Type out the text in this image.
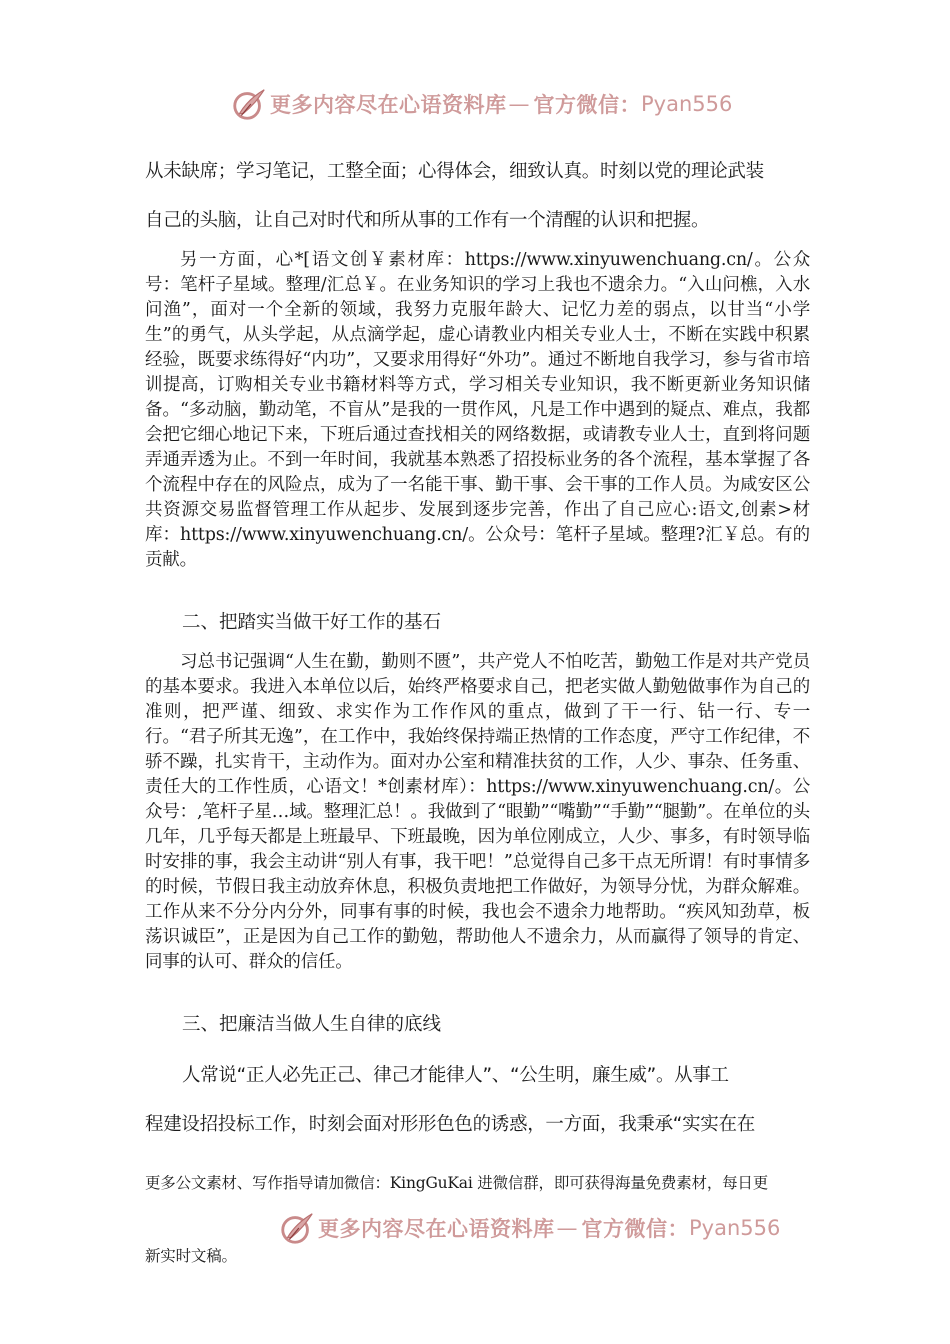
更多内容尽在心语资料库 — 官方微信： Pyan556
从未缺席；学习笔记，工整全面；心得体会，细致认真。时刻以党的理论武装
自己的头脑，让自己对时代和所从事的工作有一个清醒的认识和把握。
另一方面，心*[语文创￥素材库：https://www.xinyuwenchuang.cn/。公众号：笔杆子星域。整理/汇总￥。在业务知识的学习上我也不遗余力。“入山问樵，入水问渔”，面对一个全新的领域，我努力克服年龄大、记忆力差的弱点，以甘当“小学生”的勇气，从头学起，从点滴学起，虚心请教业内相关专业人士，不断在实践中积累经验，既要求练得好“内功”，又要求用得好“外功”。通过不断地自我学习，参与省市培训提高，订购相关专业书籍材料等方式，学习相关专业知识，我不断更新业务知识储备。“多动脑，勤动笔，不盲从”是我的一贯作风，凡是工作中遇到的疑点、难点，我都会把它细心地记下来，下班后通过查找相关的网络数据，或请教专业人士，直到将问题弄通弄透为止。不到一年时间，我就基本熟悉了招投标业务的各个流程，基本掌握了各个流程中存在的风险点，成为了一名能干事、勤干事、会干事的工作人员。为咸安区公共资源交易监督管理工作从起步、发展到逐步完善，作出了自己应心:语文,创素>材库：https://www.xinyuwenchuang.cn/。公众号：笔杆子星域。整理?汇￥总。有的贡献。
二、把踏实当做干好工作的基石
习总书记强调“人生在勤，勤则不匮”，共产党人不怕吃苦，勤勉工作是对共产党员的基本要求。我进入本单位以后，始终严格要求自己，把老实做人勤勉做事作为自己的准则，把严谨、细致、求实作为工作作风的重点，做到了干一行、钻一行、专一行。“君子所其无逸”，在工作中，我始终保持端正热情的工作态度，严守工作纪律，不骄不躁，扎实肯干，主动作为。面对办公室和精准扶贫的工作，人少、事杂、任务重、责任大的工作性质，心语文！*创素材库）：https://www.xinyuwenchuang.cn/。公众号：,笔杆子星…域。整理汇总！。我做到了“眼勤”“嘴勤”“手勤”“腿勤”。在单位的头几年，几乎每天都是上班最早、下班最晚，因为单位刚成立，人少、事多，有时领导临时安排的事，我会主动讲“别人有事，我干吧！”总觉得自己多干点无所谓！有时事情多的时候，节假日我主动放弃休息，积极负责地把工作做好，为领导分忧，为群众解难。工作从来不分分内分外，同事有事的时候，我也会不遗余力地帮助。“疾风知劲草，板荡识诚臣”，正是因为自己工作的勤勉，帮助他人不遗余力，从而赢得了领导的肯定、同事的认可、群众的信任。
三、把廉洁当做人生自律的底线
人常说“正人必先正己、律己才能律人”、“公生明，廉生威”。从事工
程建设招投标工作，时刻会面对形形色色的诱惑，一方面，我秉承“实实在在
更多公文素材、写作指导请加微信：KingGuKai 进微信群，即可获得海量免费素材，每日更
更多内容尽在心语资料库 — 官方微信： Pyan556
新实时文稿。
